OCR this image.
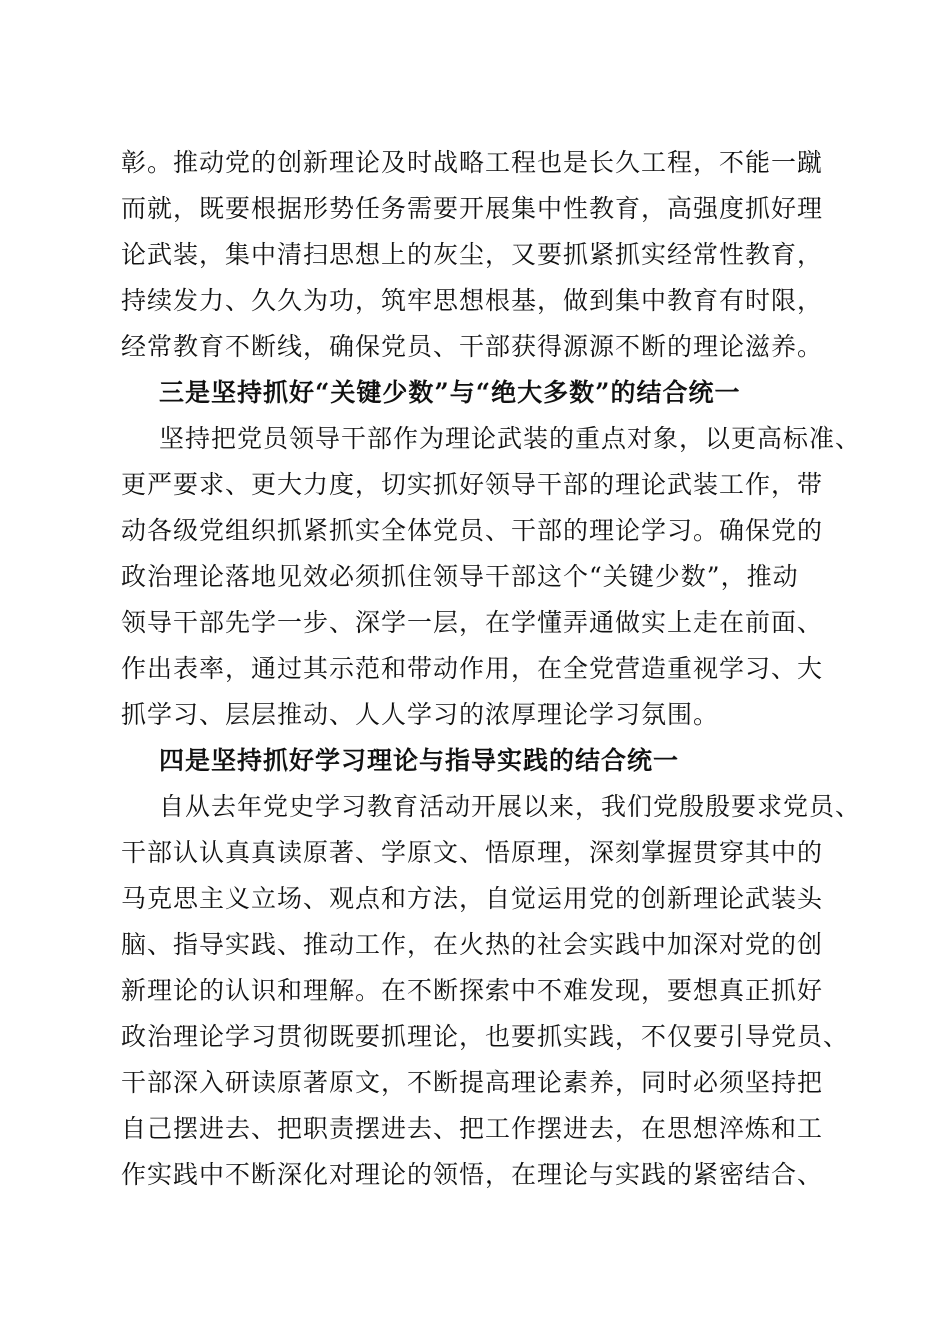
彰。推动党的创新理论及时战略工程也是长久工程，不能一蹴
而就，既要根据形势任务需要开展集中性教育，高强度抓好理
论武装，集中清扫思想上的灰尘，又要抓紧抓实经常性教育，
持续发力、久久为功，筑牢思想根基，做到集中教育有时限，
经常教育不断线，确保党员、干部获得源源不断的理论滋养。
三是坚持抓好“关键少数”与“绝大多数”的结合统一
坚持把党员领导干部作为理论武装的重点对象，以更高标准、
更严要求、更大力度，切实抓好领导干部的理论武装工作，带
动各级党组织抓紧抓实全体党员、干部的理论学习。确保党的
政治理论落地见效必须抓住领导干部这个“关键少数”，推动
领导干部先学一步、深学一层，在学懂弄通做实上走在前面、
作出表率，通过其示范和带动作用，在全党营造重视学习、大
抓学习、层层推动、人人学习的浓厚理论学习氛围。
四是坚持抓好学习理论与指导实践的结合统一
自从去年党史学习教育活动开展以来，我们党殷殷要求党员、
干部认认真真读原著、学原文、悟原理，深刻掌握贯穿其中的
马克思主义立场、观点和方法，自觉运用党的创新理论武装头
脑、指导实践、推动工作，在火热的社会实践中加深对党的创
新理论的认识和理解。在不断探索中不难发现，要想真正抓好
政治理论学习贯彻既要抓理论，也要抓实践，不仅要引导党员、
干部深入研读原著原文，不断提高理论素养，同时必须坚持把
自己摆进去、把职责摆进去、把工作摆进去，在思想淬炼和工
作实践中不断深化对理论的领悟，在理论与实践的紧密结合、
